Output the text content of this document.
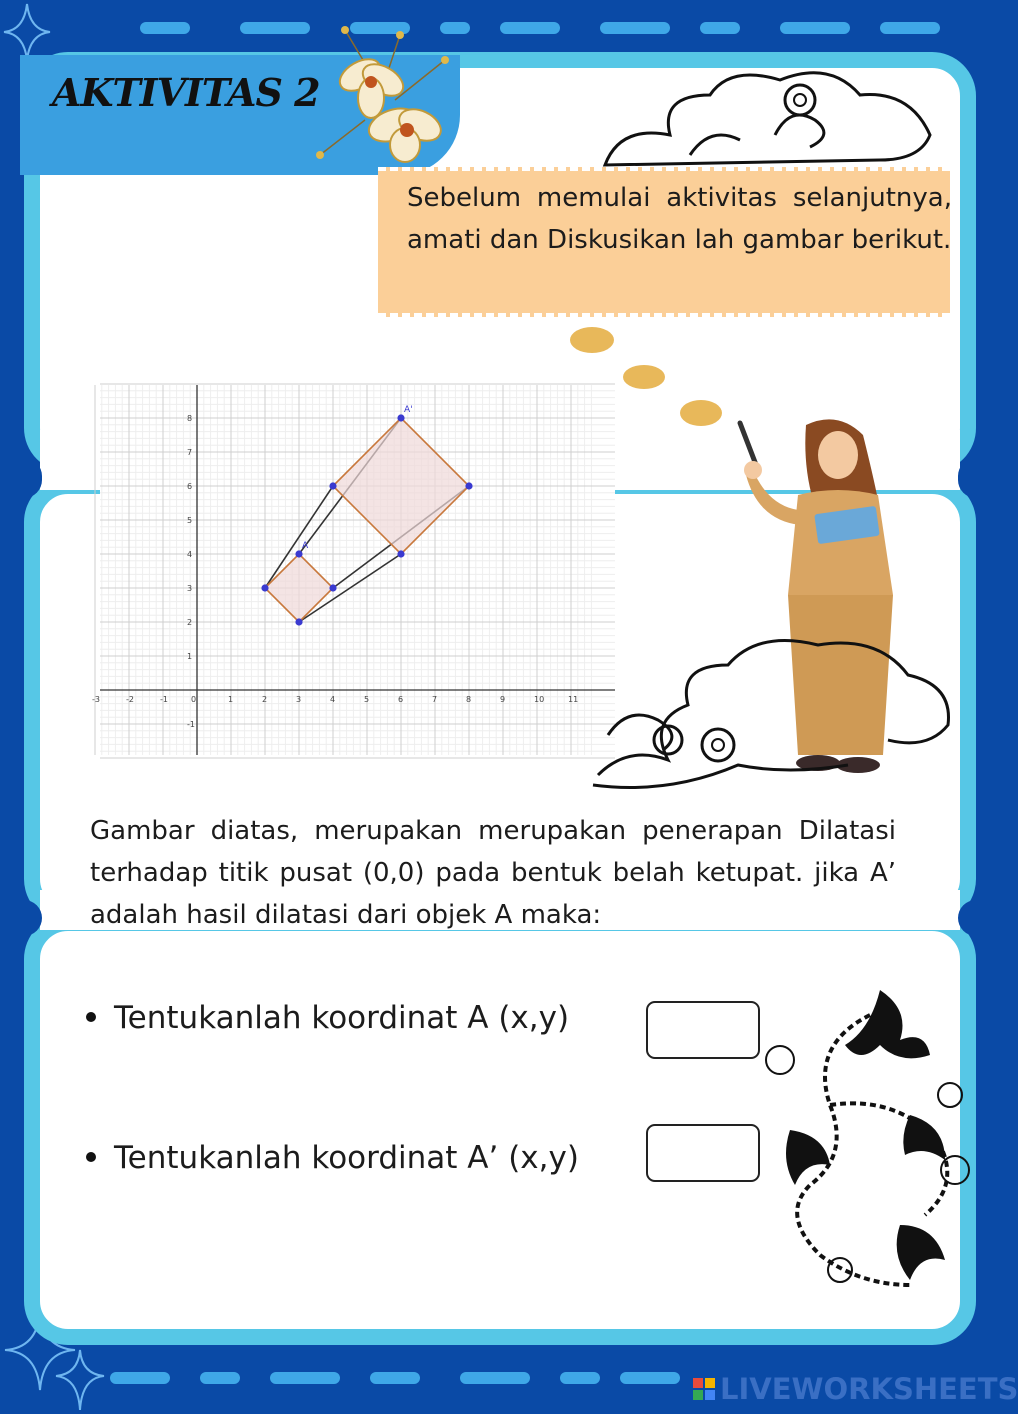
AKTIVITAS 2
Sebelum memulai aktivitas selanjutnya, amati dan Diskusikan lah gambar berikut.
-3	-2	-1	0	1	2	3	4	5	6	7	8	9	10	11
-1
1
2
3
4
5
6
7
8
A
A'
Gambar diatas, merupakan merupakan penerapan Dilatasi terhadap titik pusat (0,0) pada bentuk belah ketupat. jika A’ adalah hasil dilatasi dari objek A maka:
Tentukanlah koordinat A (x,y)
Tentukanlah koordinat A’ (x,y)
LIVEWORKSHEETS
